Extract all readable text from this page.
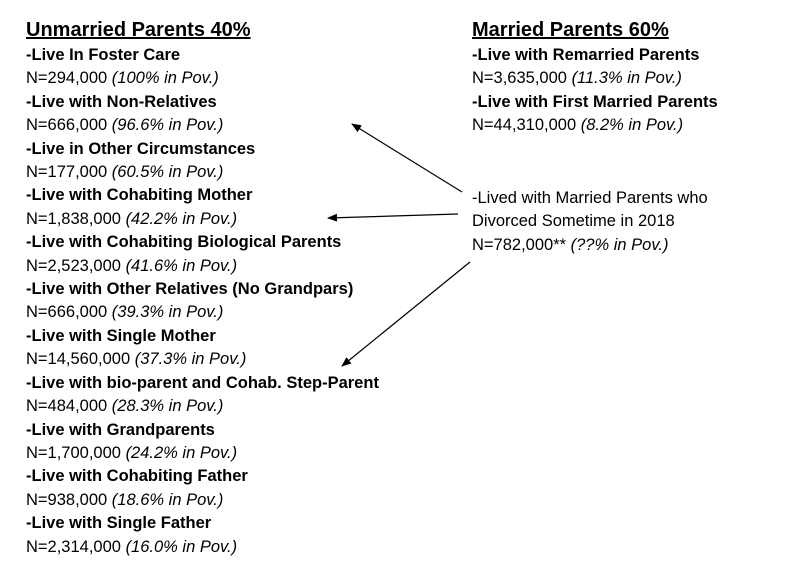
Unmarried Parents 40%
-Live In Foster Care
N=294,000 (100% in Pov.)
-Live with Non-Relatives
N=666,000 (96.6% in Pov.)
-Live in Other Circumstances
N=177,000 (60.5% in Pov.)
-Live with Cohabiting Mother
N=1,838,000 (42.2% in Pov.)
-Live with Cohabiting Biological Parents
N=2,523,000 (41.6% in Pov.)
-Live with Other Relatives (No Grandpars)
N=666,000 (39.3% in Pov.)
-Live with Single Mother
N=14,560,000 (37.3% in Pov.)
-Live with bio-parent and Cohab. Step-Parent
N=484,000 (28.3% in Pov.)
-Live with Grandparents
N=1,700,000 (24.2% in Pov.)
-Live with Cohabiting Father
N=938,000 (18.6% in Pov.)
-Live with Single Father
N=2,314,000 (16.0% in Pov.)
Married Parents 60%
-Live with Remarried Parents
N=3,635,000 (11.3% in Pov.)
-Live with First Married Parents
N=44,310,000 (8.2% in Pov.)
-Lived with Married Parents who
Divorced Sometime in 2018
N=782,000** (??% in Pov.)
